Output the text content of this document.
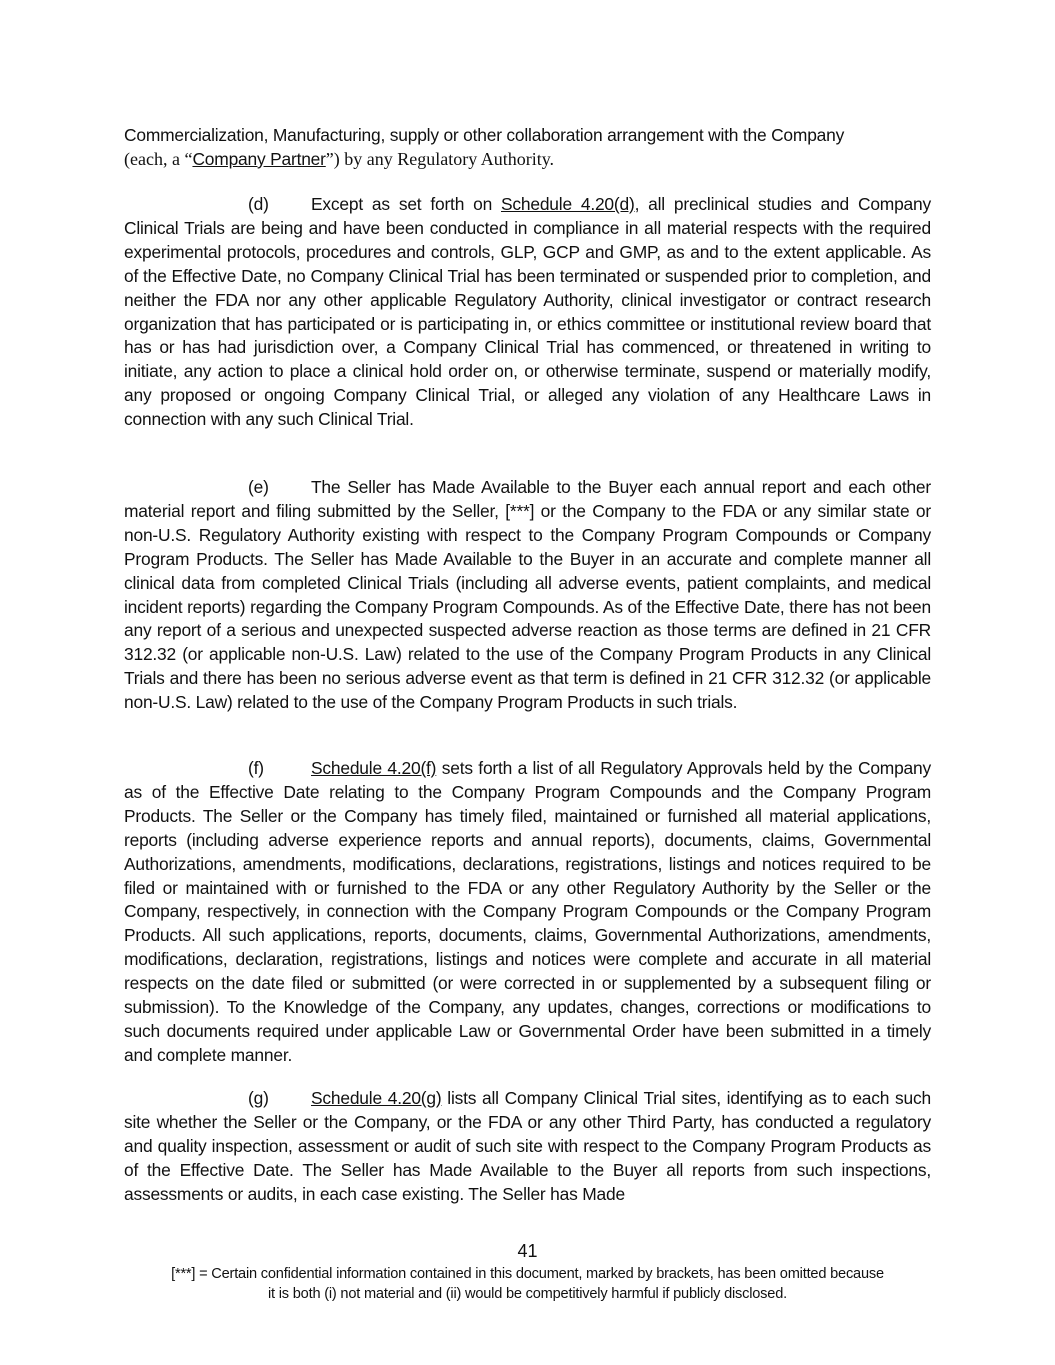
Commercialization, Manufacturing, supply or other collaboration arrangement with the Company
(each, a “Company Partner”) by any Regulatory Authority.

(d) Except as set forth on Schedule 4.20(d), all preclinical studies and Company Clinical Trials are being and have been conducted in compliance in all material respects with the required experimental protocols, procedures and controls, GLP, GCP and GMP, as and to the extent applicable. As of the Effective Date, no Company Clinical Trial has been terminated or suspended prior to completion, and neither the FDA nor any other applicable Regulatory Authority, clinical investigator or contract research organization that has participated or is participating in, or ethics committee or institutional review board that has or has had jurisdiction over, a Company Clinical Trial has commenced, or threatened in writing to initiate, any action to place a clinical hold order on, or otherwise terminate, suspend or materially modify, any proposed or ongoing Company Clinical Trial, or alleged any violation of any Healthcare Laws in connection with any such Clinical Trial.

(e) The Seller has Made Available to the Buyer each annual report and each other material report and filing submitted by the Seller, [***] or the Company to the FDA or any similar state or non-U.S. Regulatory Authority existing with respect to the Company Program Compounds or Company Program Products. The Seller has Made Available to the Buyer in an accurate and complete manner all clinical data from completed Clinical Trials (including all adverse events, patient complaints, and medical incident reports) regarding the Company Program Compounds. As of the Effective Date, there has not been any report of a serious and unexpected suspected adverse reaction as those terms are defined in 21 CFR 312.32 (or applicable non-U.S. Law) related to the use of the Company Program Products in any Clinical Trials and there has been no serious adverse event as that term is defined in 21 CFR 312.32 (or applicable non-U.S. Law) related to the use of the Company Program Products in such trials.

(f)	Schedule 4.20(f) sets forth a list of all Regulatory Approvals held by the Company as of the Effective Date relating to the Company Program Compounds and the Company Program Products. The Seller or the Company has timely filed, maintained or furnished all material applications, reports (including adverse experience reports and annual reports), documents, claims, Governmental Authorizations, amendments, modifications, declarations, registrations, listings and notices required to be filed or maintained with or furnished to the FDA or any other Regulatory Authority by the Seller or the Company, respectively, in connection with the Company Program Compounds or the Company Program Products. All such applications, reports, documents, claims, Governmental Authorizations, amendments, modifications, declaration, registrations, listings and notices were complete and accurate in all material respects on the date filed or submitted (or were corrected in or supplemented by a subsequent filing or submission). To the Knowledge of the Company, any updates, changes, corrections or modifications to such documents required under applicable Law or Governmental Order have been submitted in a timely and complete manner.

(g) Schedule 4.20(g) lists all Company Clinical Trial sites, identifying as to each such site whether the Seller or the Company, or the FDA or any other Third Party, has conducted a regulatory and quality inspection, assessment or audit of such site with respect to the Company Program Products as of the Effective Date. The Seller has Made Available to the Buyer all reports from such inspections, assessments or audits, in each case existing. The Seller has Made

41
[***] = Certain confidential information contained in this document, marked by brackets, has been omitted because
it is both (i) not material and (ii) would be competitively harmful if publicly disclosed.
